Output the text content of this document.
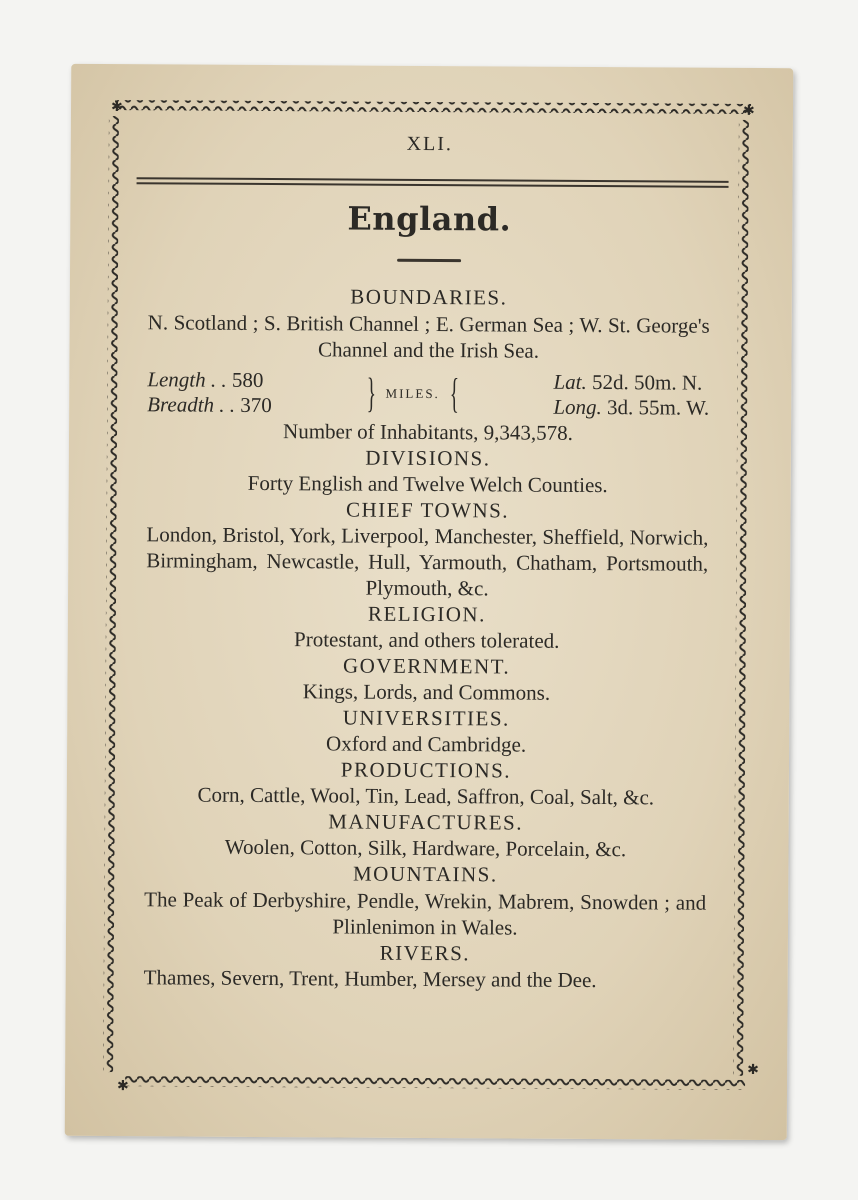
✱	✱
✱
✱
XLI.
England.
BOUNDARIES.
N. Scotland ; S. British Channel ; E. German Sea ; W. St. George's Channel and the Irish Sea.
Length . . 580
Breadth . . 370 } MILES. {	Lat. 52d. 50m. N.
Long. 3d. 55m. W.
Number of Inhabitants, 9,343,578.
DIVISIONS.
Forty English and Twelve Welch Counties.
CHIEF TOWNS.
London, Bristol, York, Liverpool, Manchester, Sheffield, Norwich, Birmingham, Newcastle, Hull, Yarmouth, Chatham, Portsmouth, Plymouth, &c.
RELIGION.
Protestant, and others tolerated.
GOVERNMENT.
Kings, Lords, and Commons.
UNIVERSITIES.
Oxford and Cambridge.
PRODUCTIONS.
Corn, Cattle, Wool, Tin, Lead, Saffron, Coal, Salt, &c.
MANUFACTURES.
Woolen, Cotton, Silk, Hardware, Porcelain, &c.
MOUNTAINS.
The Peak of Derbyshire, Pendle, Wrekin, Mabrem, Snowden ; and Plinlenimon in Wales.
RIVERS.
Thames, Severn, Trent, Humber, Mersey and the Dee.
